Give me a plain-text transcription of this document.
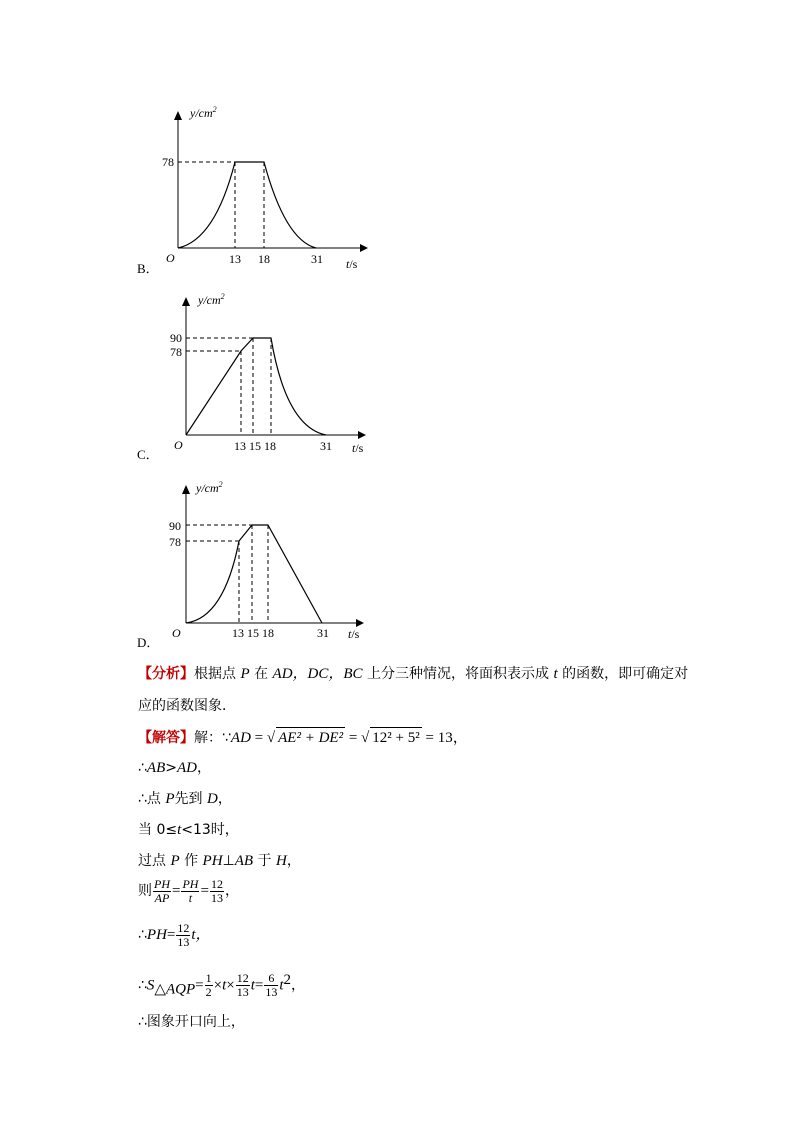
B．
$y/cm^2$
78
O	13 18	31 t/s
C．
$y/cm^2$
90
78
O	13 15 18	31 t/s
D．
$y/cm^2$
90
78
O	13 15 18	31 t/s
【分析】根据点 P 在 AD，DC，BC 上分三种情况，将面积表示成 t 的函数，即可确定对
应的函数图象．
【解答】解：∵AD = √ AE² + DE² = √ 12² + 5² = 13，
∴AB>AD，
∴点 P先到 D，
当 0≤t<13时，
过点 P 作 PH⊥AB 于 H，
则 $\frac{PH}{AP} = \frac{PH}{t} = \frac{12}{13}$ ，
∴PH= $\frac{12}{13}$ t，
$\therefore S_{\triangle AQP}= \frac{1}{2} \times t\times \frac{12}{13} t= \frac{6}{13} t^2$，
∴图象开口向上，
